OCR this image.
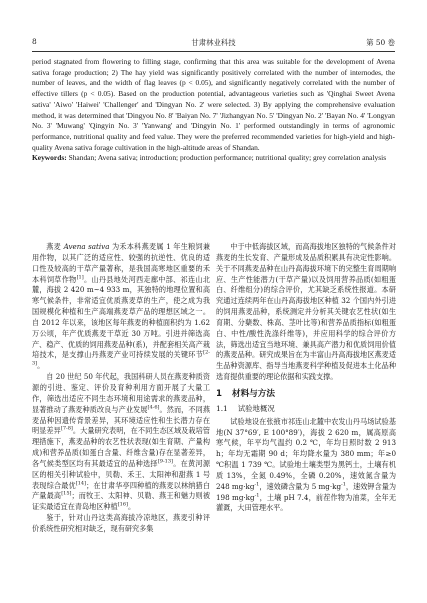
8	甘肃林业科技	第 50 卷

period stagnated from flowering to filling stage, confirming that this area was suitable for the development of Avena sativa forage production; 2) The hay yield was significantly positively correlated with the number of internodes, the number of leaves, and the width of flag leaves (p < 0.05), and significantly negatively correlated with the number of effective tillers (p < 0.05). Based on the production potential, advantageous varieties such as 'Qinghai Sweet Avena sativa' 'Aiwo' 'Haiwei' 'Challenger' and 'Dingyan No. 2' were selected. 3) By applying the comprehensive evaluation method, it was determined that 'Dingyou No. 8' 'Baiyan No. 7' 'Jizhangyan No. 5' 'Dingyan No. 2' 'Bayan No. 4' 'Longyan No. 3' 'Muwang' 'Qingyin No. 3' 'Yanwang' and 'Dingyin No. 1' performed outstandingly in terms of agronomic performance, nutritional quality and feed value. They were the preferred recommended varieties for high-yield and high-quality Avena sativa forage cultivation in the high-altitude areas of Shandan.

Keywords: Shandan; Avena sativa; introduction; production performance; nutritional quality; grey correlation analysis

燕麦 Avena sativa 为禾本科燕麦属 1 年生粮饲兼用作物，以其广泛的适应性、较强的抗逆性、优良的适口性及较高的干草产量著称，是我国高寒地区重要的禾本科饲草作物[1]。山丹县地处河西走廊中部、祁连山北麓，海拔 2 420 m~4 933 m，其独特的地理位置和高寒气候条件，非常适宜优质燕麦草的生产，使之成为我国规模化种植和生产高端燕麦草产品的理想区域之一。自 2012 年以来，该地区每年燕麦的种植面积约为 1.62 万公顷，年产优质燕麦干草近 30 万吨。引进并筛选高产、稳产、优质的饲用燕麦品种(系)，并配套相关高产栽培技术，是支撑山丹燕麦产业可持续发展的关键环节[2-3]。

自 20 世纪 50 年代起，我国科研人员在燕麦种质资源的引进、鉴定、评价及育种利用方面开展了大量工作，筛选出适应不同生态环境和用途需求的燕麦品种，显著推动了燕麦种质改良与产业发展[4-6]。然而，不同燕麦品种因遗传背景差异，其环境适应性和生长潜力存在明显差异[7-8]。大量研究表明，在不同生态区域及栽培管理措施下，燕麦品种的农艺性状表现(如生育期、产量构成)和营养品质(如蛋白含量、纤维含量)存在显著差异，各气候类型区均有其最适宜的品种选择[9-13]。在黄河源区的相关引种试验中，贝勒、禾王、太阳神和甜燕 1 号表现综合最优[14]；在甘肃华亭四种植的燕麦以林纳猎白产量最高[15]；而牧王、太阳神、贝勒、燕王和魅力则被证实最适宜在青岛地区种植[16]。

鉴于，针对山丹这类高海拔冷凉地区，燕麦引种评价系统性研究相对缺乏，现有研究多集

中于中低海拔区域，而高海拔地区独特的气候条件对燕麦的生长发育、产量形成及品质积累具有决定性影响。关于不同燕麦品种在山丹高海拔环境下的完整生育周期响应、生产性能潜力(干草产量)以及饲用营养品质(如粗蛋白、纤维组分)的综合评价，尤其缺乏系统性报道。本研究通过连续两年在山丹高海拔地区种植 32 个国内外引进的饲用燕麦品种，系统测定并分析其关键农艺性状(如生育期、分蘖数、株高、茎叶比等)和营养品质指标(如粗蛋白、中性/酸性洗涤纤维等)，并应用科学的综合评价方法，筛选出适宜当地环境、兼具高产潜力和优质饲用价值的燕麦品种。研究成果旨在为丰富山丹高海拔地区燕麦适生品种资源库、指导当地燕麦科学种植及促进本土化品种选育提供重要的理论依据和实践支撑。

1 材料与方法

1.1 试验地概况

试验地设在张掖市祁连山北麓中农发山丹马场试验基地(N 37°69′, E 100°89′)，海拔 2 620 m，属高原高寒气候，年平均气温约 0.2 ℃，年均日照时数 2 913 h；年均无霜期 90 d；年均降水量为 380 mm；年≥0 ℃积温 1 739 ℃。试验地土壤类型为黑钙土，土壤有机质 13%，全氮 0.49%，全磷 0.20%，速效氮含量为 248 $mg\cdot kg^{-1}$，速效磷含量为 5 $mg\cdot kg^{-1}$，速效钾含量为 198 $mg\cdot kg^{-1}$，土壤 pH 7.4，前茬作物为油菜，全年无灌溉，大田管理水平。
